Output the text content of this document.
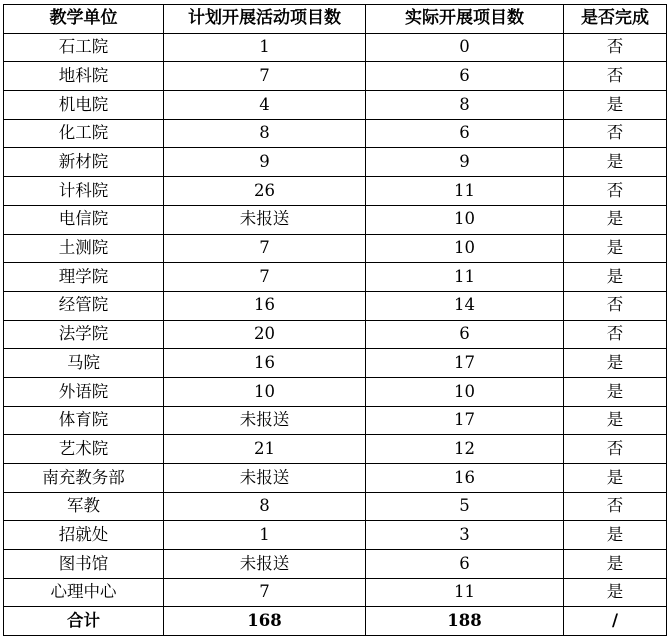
教学单位	计划开展活动项目数	实际开展项目数	是否完成
石工院	1	0	否
地科院	7	6	否
机电院	4	8	是
化工院	8	6	否
新材院	9	9	是
计科院	26	11	否
电信院	未报送	10	是
土测院	7	10	是
理学院	7	11	是
经管院	16	14	否
法学院	20	6	否
马院	16	17	是
外语院	10	10	是
体育院	未报送	17	是
艺术院	21	12	否
南充教务部	未报送	16	是
军教	8	5	否
招就处	1	3	是
图书馆	未报送	6	是
心理中心	7	11	是
合计	168	188	/
